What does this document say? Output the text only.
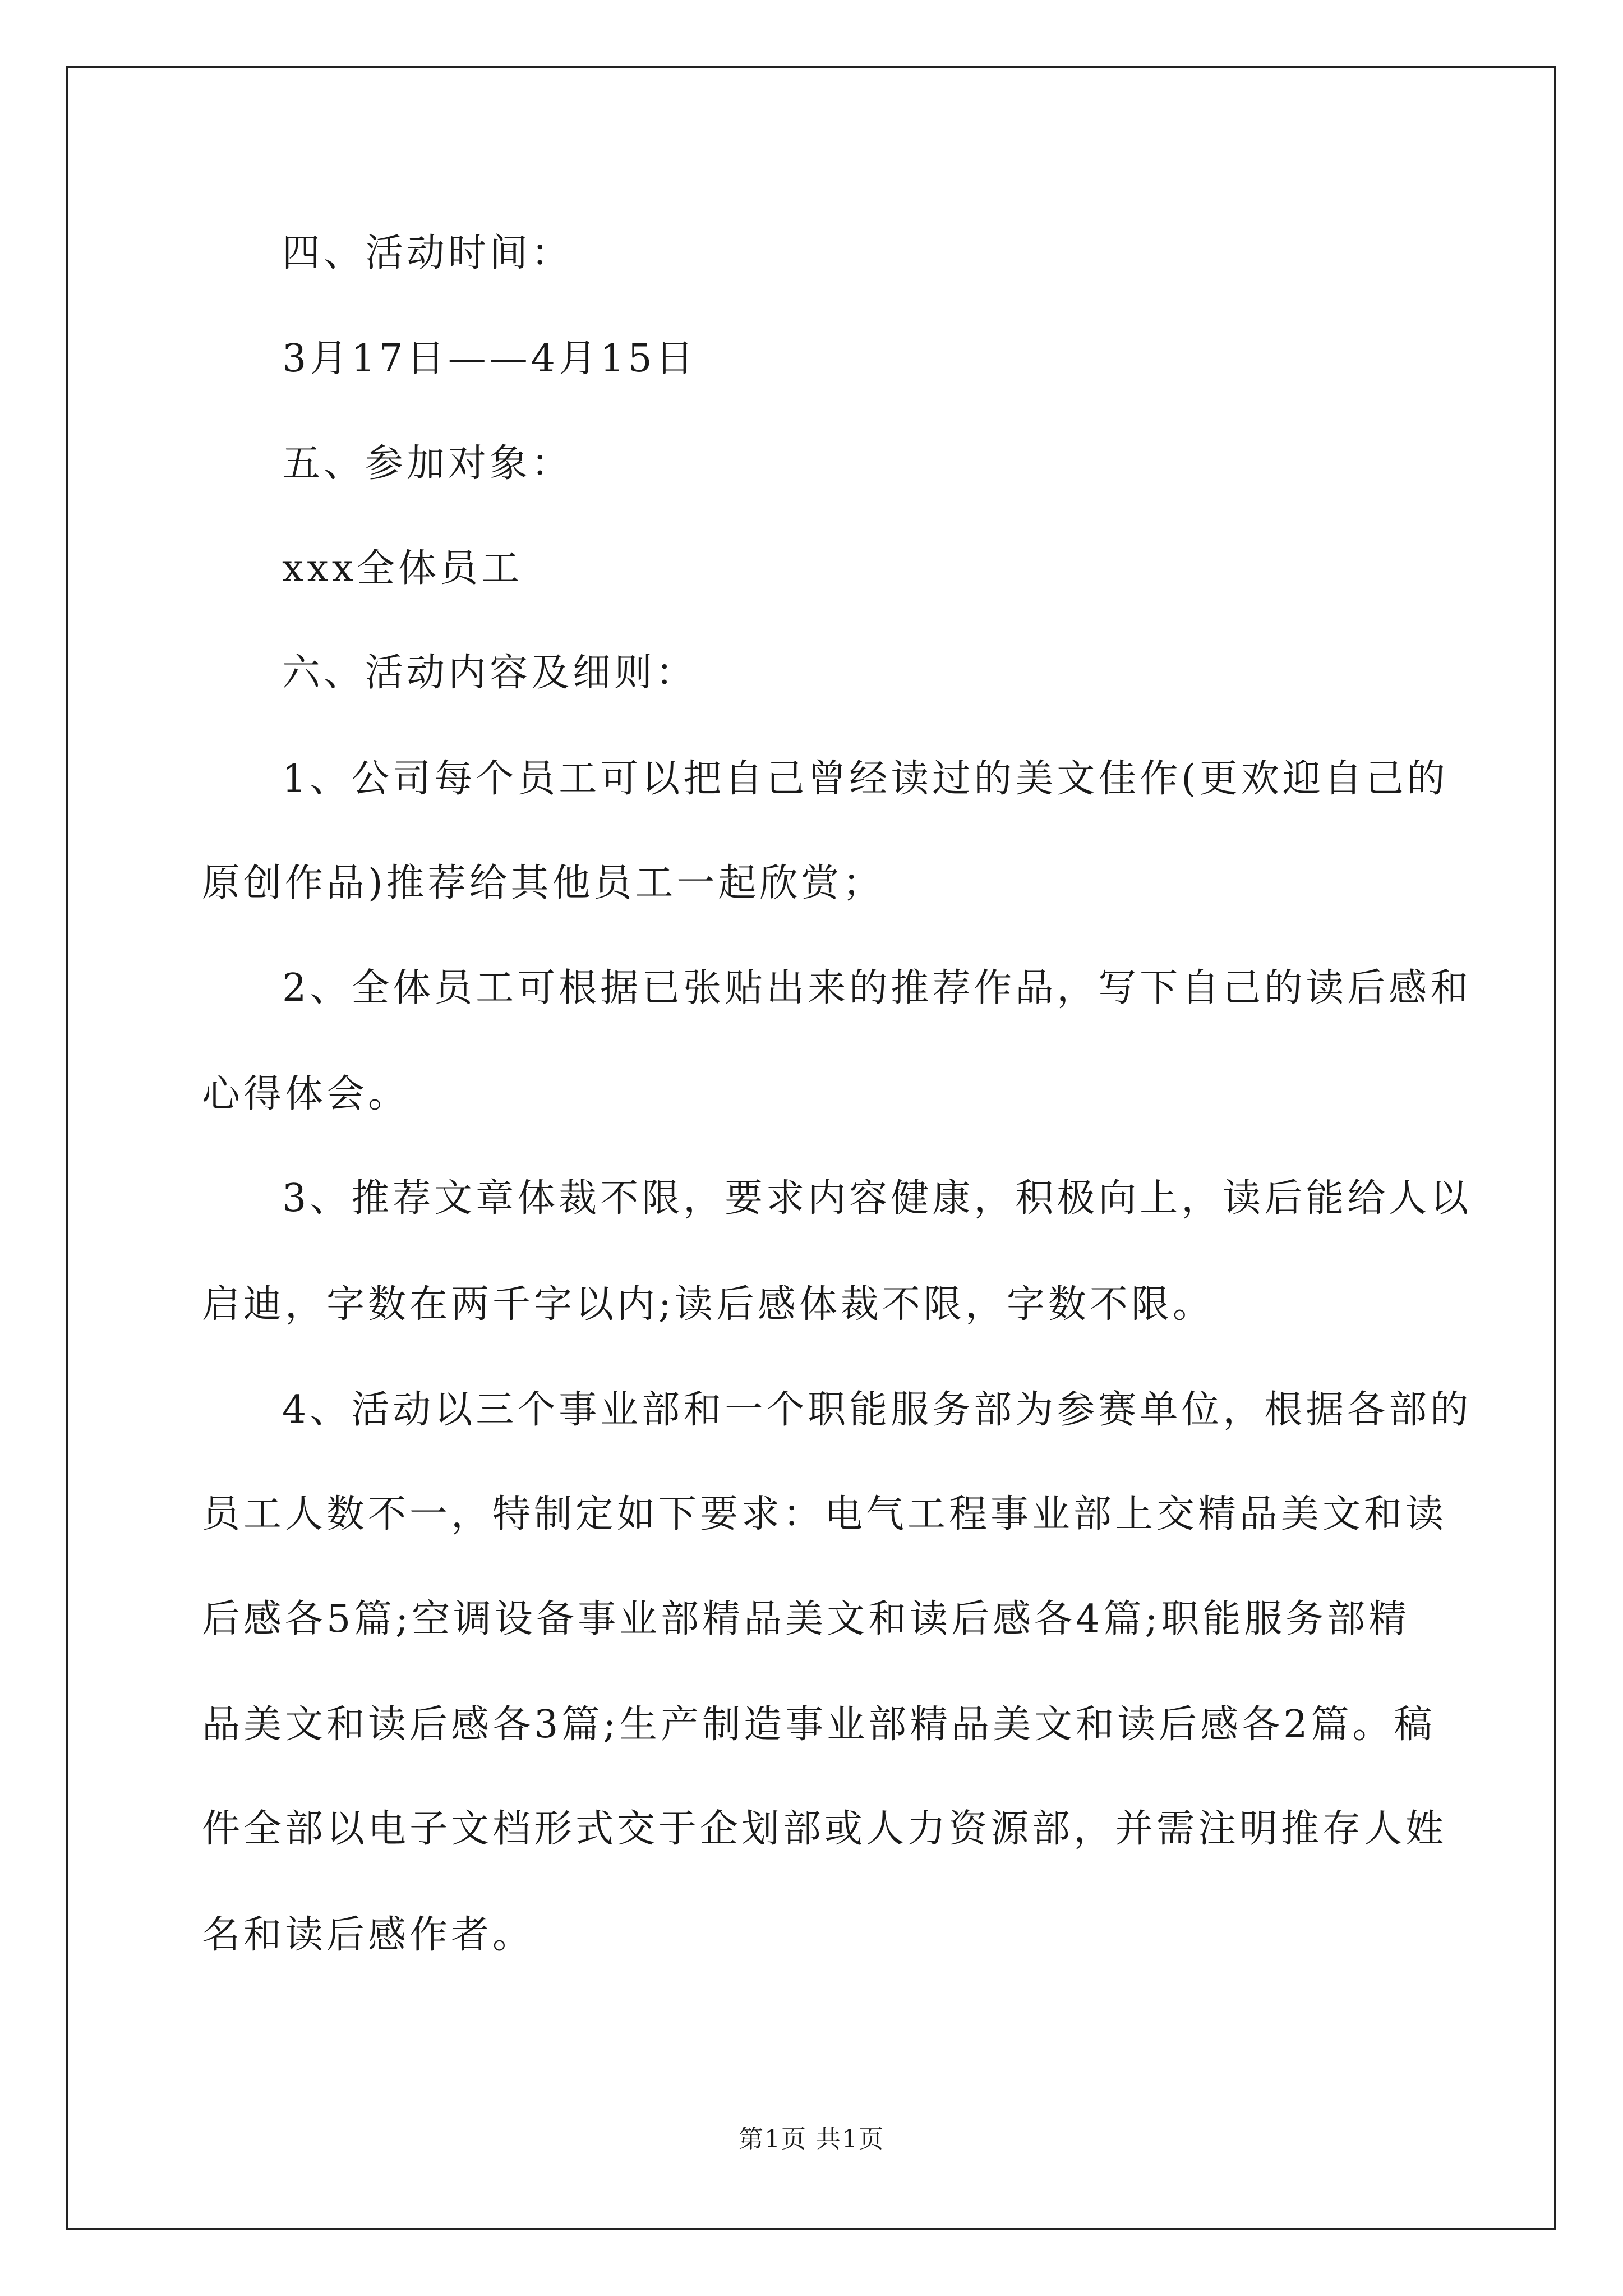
四、活动时间：

3月17日——4月15日

五、参加对象：

xxx全体员工

六、活动内容及细则：

1、公司每个员工可以把自己曾经读过的美文佳作(更欢迎自己的

原创作品)推荐给其他员工一起欣赏；

2、全体员工可根据已张贴出来的推荐作品，写下自己的读后感和

心得体会。

3、推荐文章体裁不限，要求内容健康，积极向上，读后能给人以

启迪，字数在两千字以内;读后感体裁不限，字数不限。

4、活动以三个事业部和一个职能服务部为参赛单位，根据各部的

员工人数不一，特制定如下要求：电气工程事业部上交精品美文和读

后感各5篇;空调设备事业部精品美文和读后感各4篇;职能服务部精

品美文和读后感各3篇;生产制造事业部精品美文和读后感各2篇。稿

件全部以电子文档形式交于企划部或人力资源部，并需注明推存人姓

名和读后感作者。

第1页 共1页
